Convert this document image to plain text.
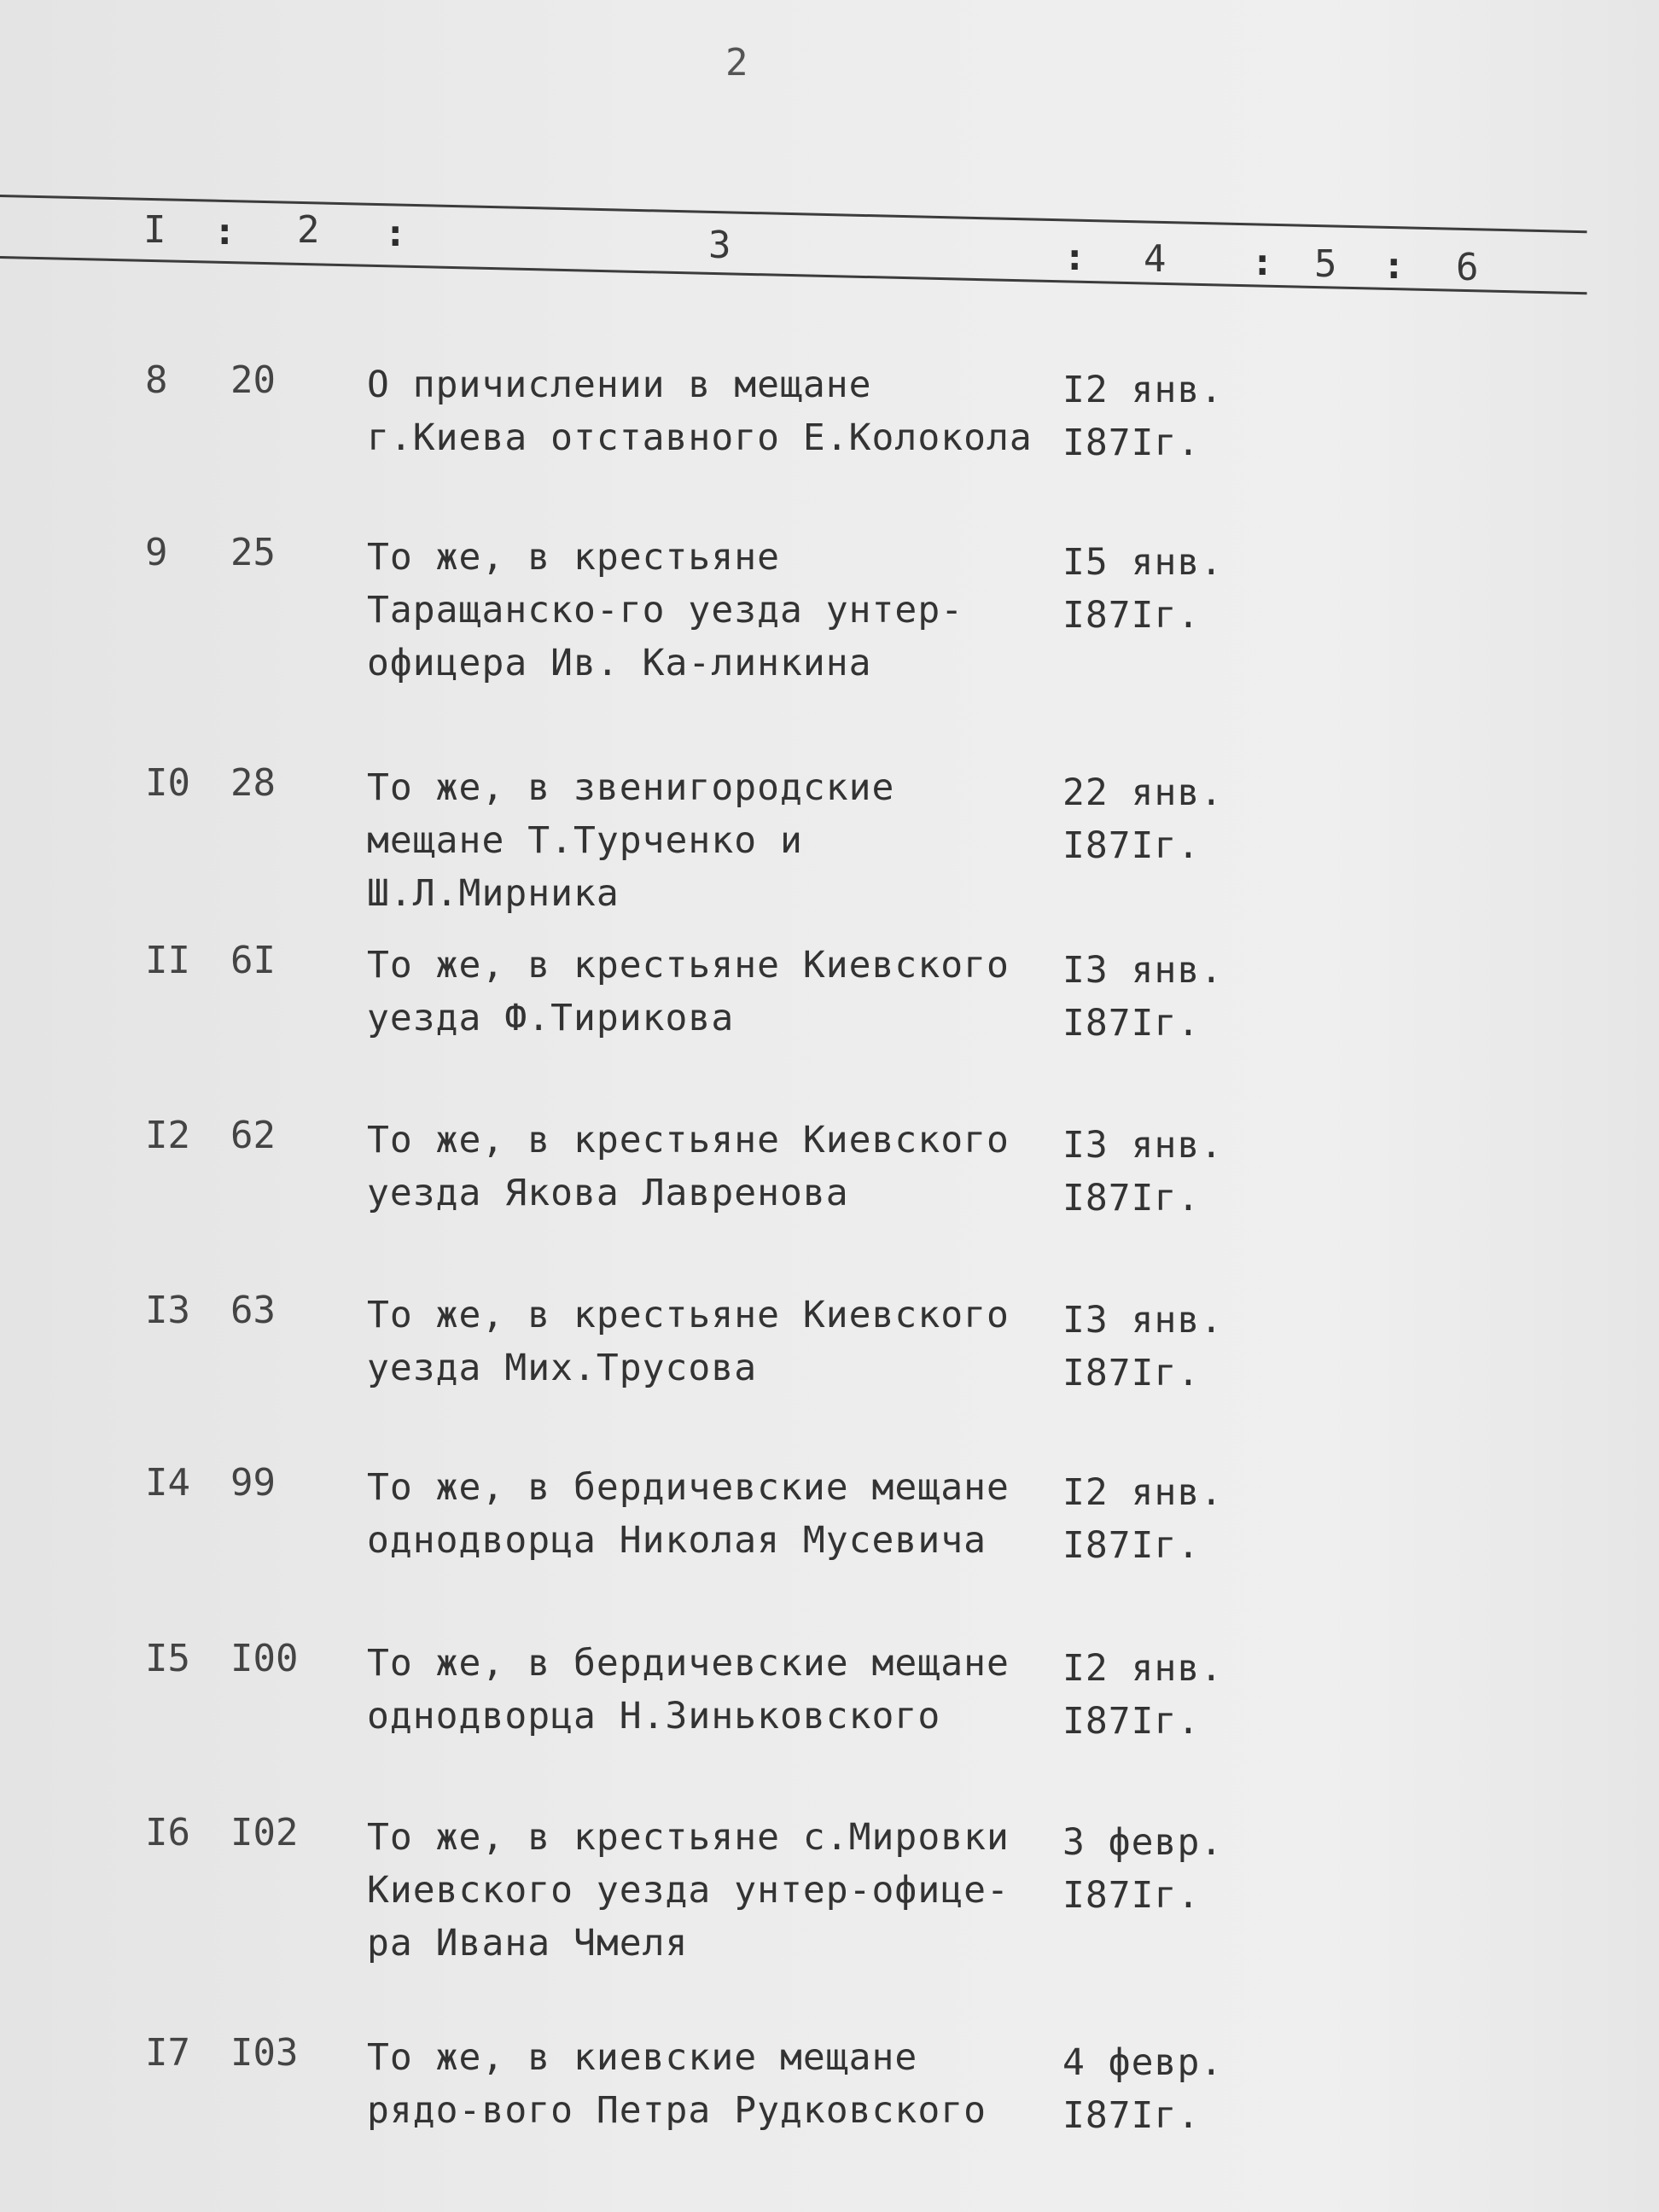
2
I : 2 :	3	: 4 : 5 : 6
8 20 О причислении в мещане г.Киева отставного Е.Колокола
I2 янв.
I87Iг.
9 25 То же, в крестьяне Таращанско-го уезда унтер-офицера Ив. Ка-линкина
I5 янв.
I87Iг.
I0 28 То же, в звенигородские мещане Т.Турченко и Ш.Л.Мирника
22 янв.
I87Iг.
II 6I То же, в крестьяне Киевского уезда Ф.Тирикова
I3 янв.
I87Iг.
I2 62 То же, в крестьяне Киевского уезда Якова Лавренова
I3 янв.
I87Iг.
I3 63 То же, в крестьяне Киевского уезда Мих.Трусова
I3 янв.
I87Iг.
I4 99 То же, в бердичевские мещане однодворца Николая Мусевича
I2 янв.
I87Iг.
I5 I00 То же, в бердичевские мещане однодворца Н.Зиньковского
I2 янв.
I87Iг.
I6 I02 То же, в крестьяне с.Мировки Киевского уезда унтер-офице-ра Ивана Чмеля
3 февр.
I87Iг.
I7 I03 То же, в киевские мещане рядо-вого Петра Рудковского
4 февр.
I87Iг.
